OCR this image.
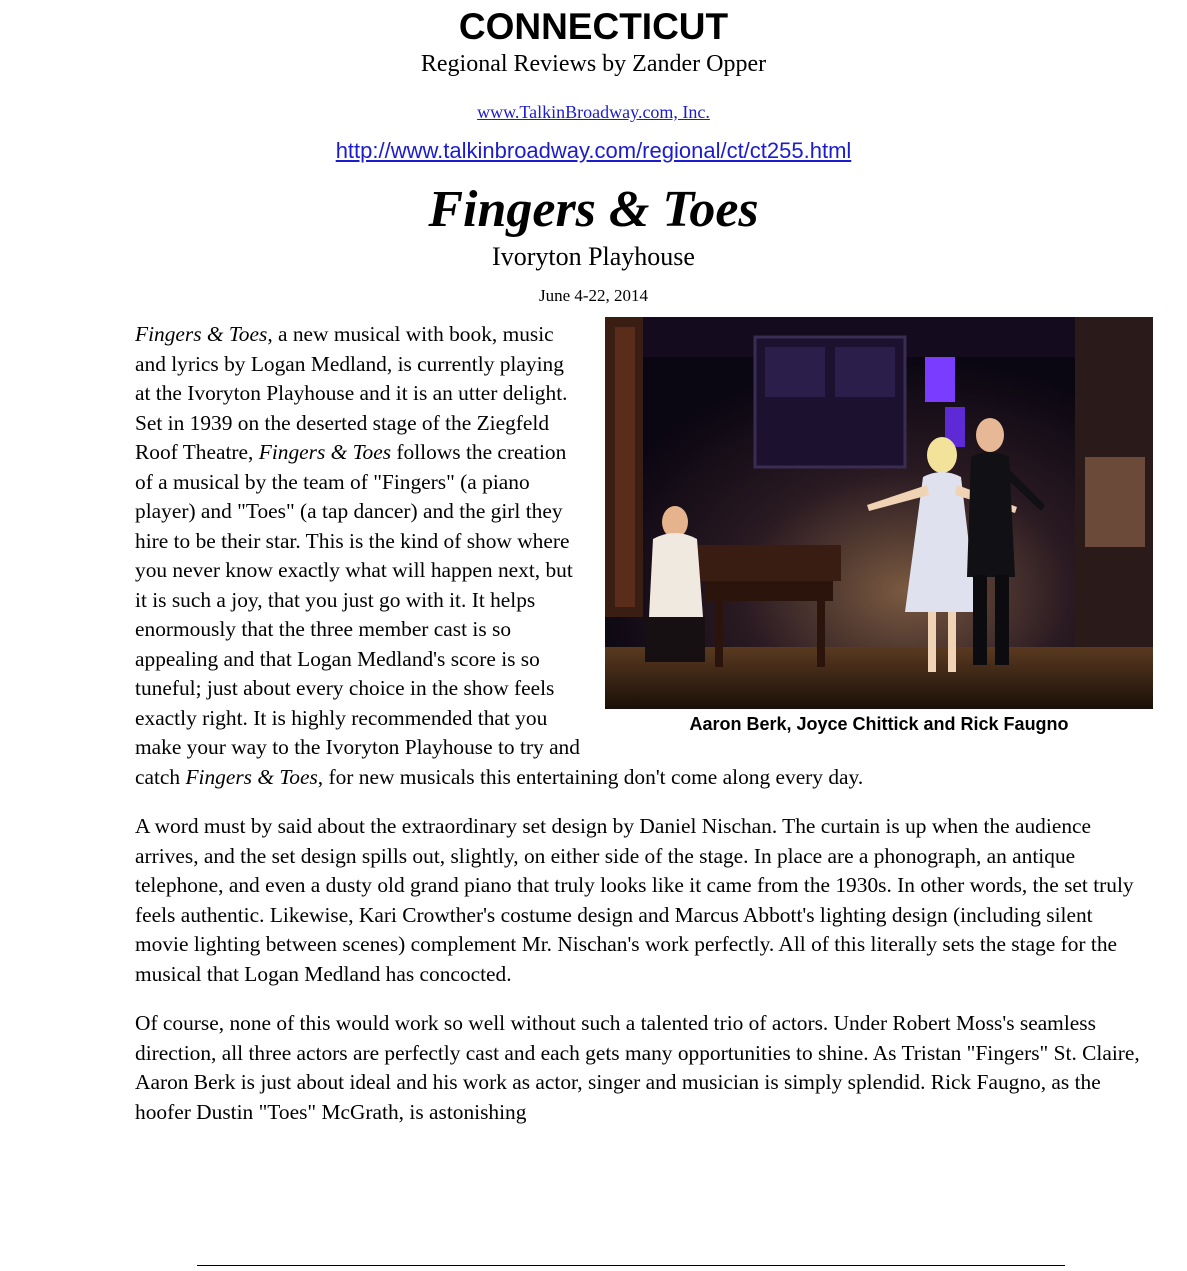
CONNECTICUT
Regional Reviews by Zander Opper
www.TalkinBroadway.com, Inc.
http://www.talkinbroadway.com/regional/ct/ct255.html
Fingers & Toes
Ivoryton Playhouse
June 4-22, 2014
Aaron Berk, Joyce Chittick and Rick Faugno

Fingers & Toes, a new musical with book, music and lyrics by Logan Medland, is currently playing at the Ivoryton Playhouse and it is an utter delight. Set in 1939 on the deserted stage of the Ziegfeld Roof Theatre, Fingers & Toes follows the creation of a musical by the team of "Fingers" (a piano player) and "Toes" (a tap dancer) and the girl they hire to be their star. This is the kind of show where you never know exactly what will happen next, but it is such a joy, that you just go with it. It helps enormously that the three member cast is so appealing and that Logan Medland's score is so tuneful; just about every choice in the show feels exactly right. It is highly recommended that you make your way to the Ivoryton Playhouse to try and catch Fingers & Toes, for new musicals this entertaining don't come along every day.

A word must by said about the extraordinary set design by Daniel Nischan. The curtain is up when the audience arrives, and the set design spills out, slightly, on either side of the stage. In place are a phonograph, an antique telephone, and even a dusty old grand piano that truly looks like it came from the 1930s. In other words, the set truly feels authentic. Likewise, Kari Crowther's costume design and Marcus Abbott's lighting design (including silent movie lighting between scenes) complement Mr. Nischan's work perfectly. All of this literally sets the stage for the musical that Logan Medland has concocted.

Of course, none of this would work so well without such a talented trio of actors. Under Robert Moss's seamless direction, all three actors are perfectly cast and each gets many opportunities to shine. As Tristan "Fingers" St. Claire, Aaron Berk is just about ideal and his work as actor, singer and musician is simply splendid. Rick Faugno, as the hoofer Dustin "Toes" McGrath, is astonishing
